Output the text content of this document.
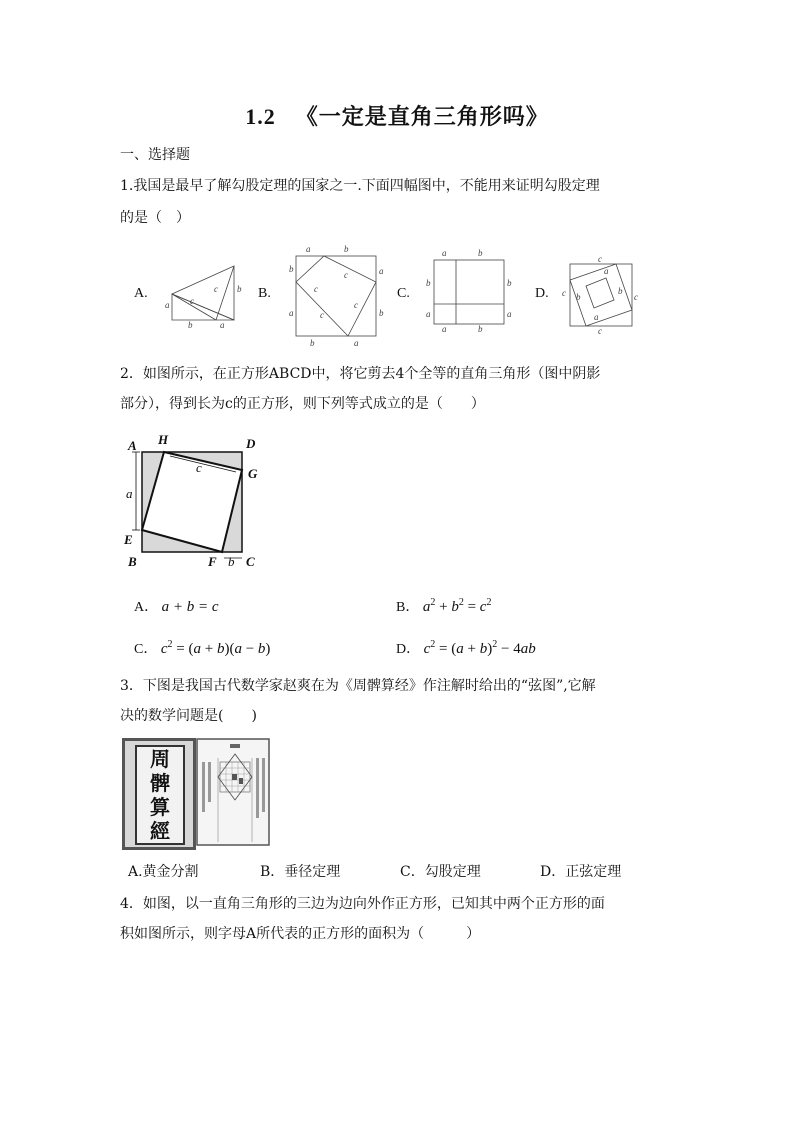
1.2 《一定是直角三角形吗》
一、选择题
1.我国是最早了解勾股定理的国家之一.下面四幅图中，不能用来证明勾股定理
的是（　）
A.	c
c b
a
b	a
B.
a	b
b
a
a
b
b	a
c
c
c
c
C.
a	b
b
a
b
a
a	b
D.
c
c	c
c
b
b
a
a
2．如图所示，在正方形ABCD中，将它剪去4个全等的直角三角形（图中阴影
部分），得到长为c的正方形，则下列等式成立的是（　　）
A H	D
G
E
B	F C
a
b
c
A． a + b = c	B． $a^2 + b^2 = c^2$
C． $c^2 = (a + b)(a - b)$	D． $c^2 = (a + b)^2 - 4ab$
3．下图是我国古代数学家赵爽在为《周髀算经》作注解时给出的“弦图”,它解
决的数学问题是(　　)
周
髀
算
經
A.黄金分割	B．垂径定理	C．勾股定理	D．正弦定理
4．如图，以一直角三角形的三边为边向外作正方形，已知其中两个正方形的面
积如图所示，则字母A所代表的正方形的面积为（　　　）
